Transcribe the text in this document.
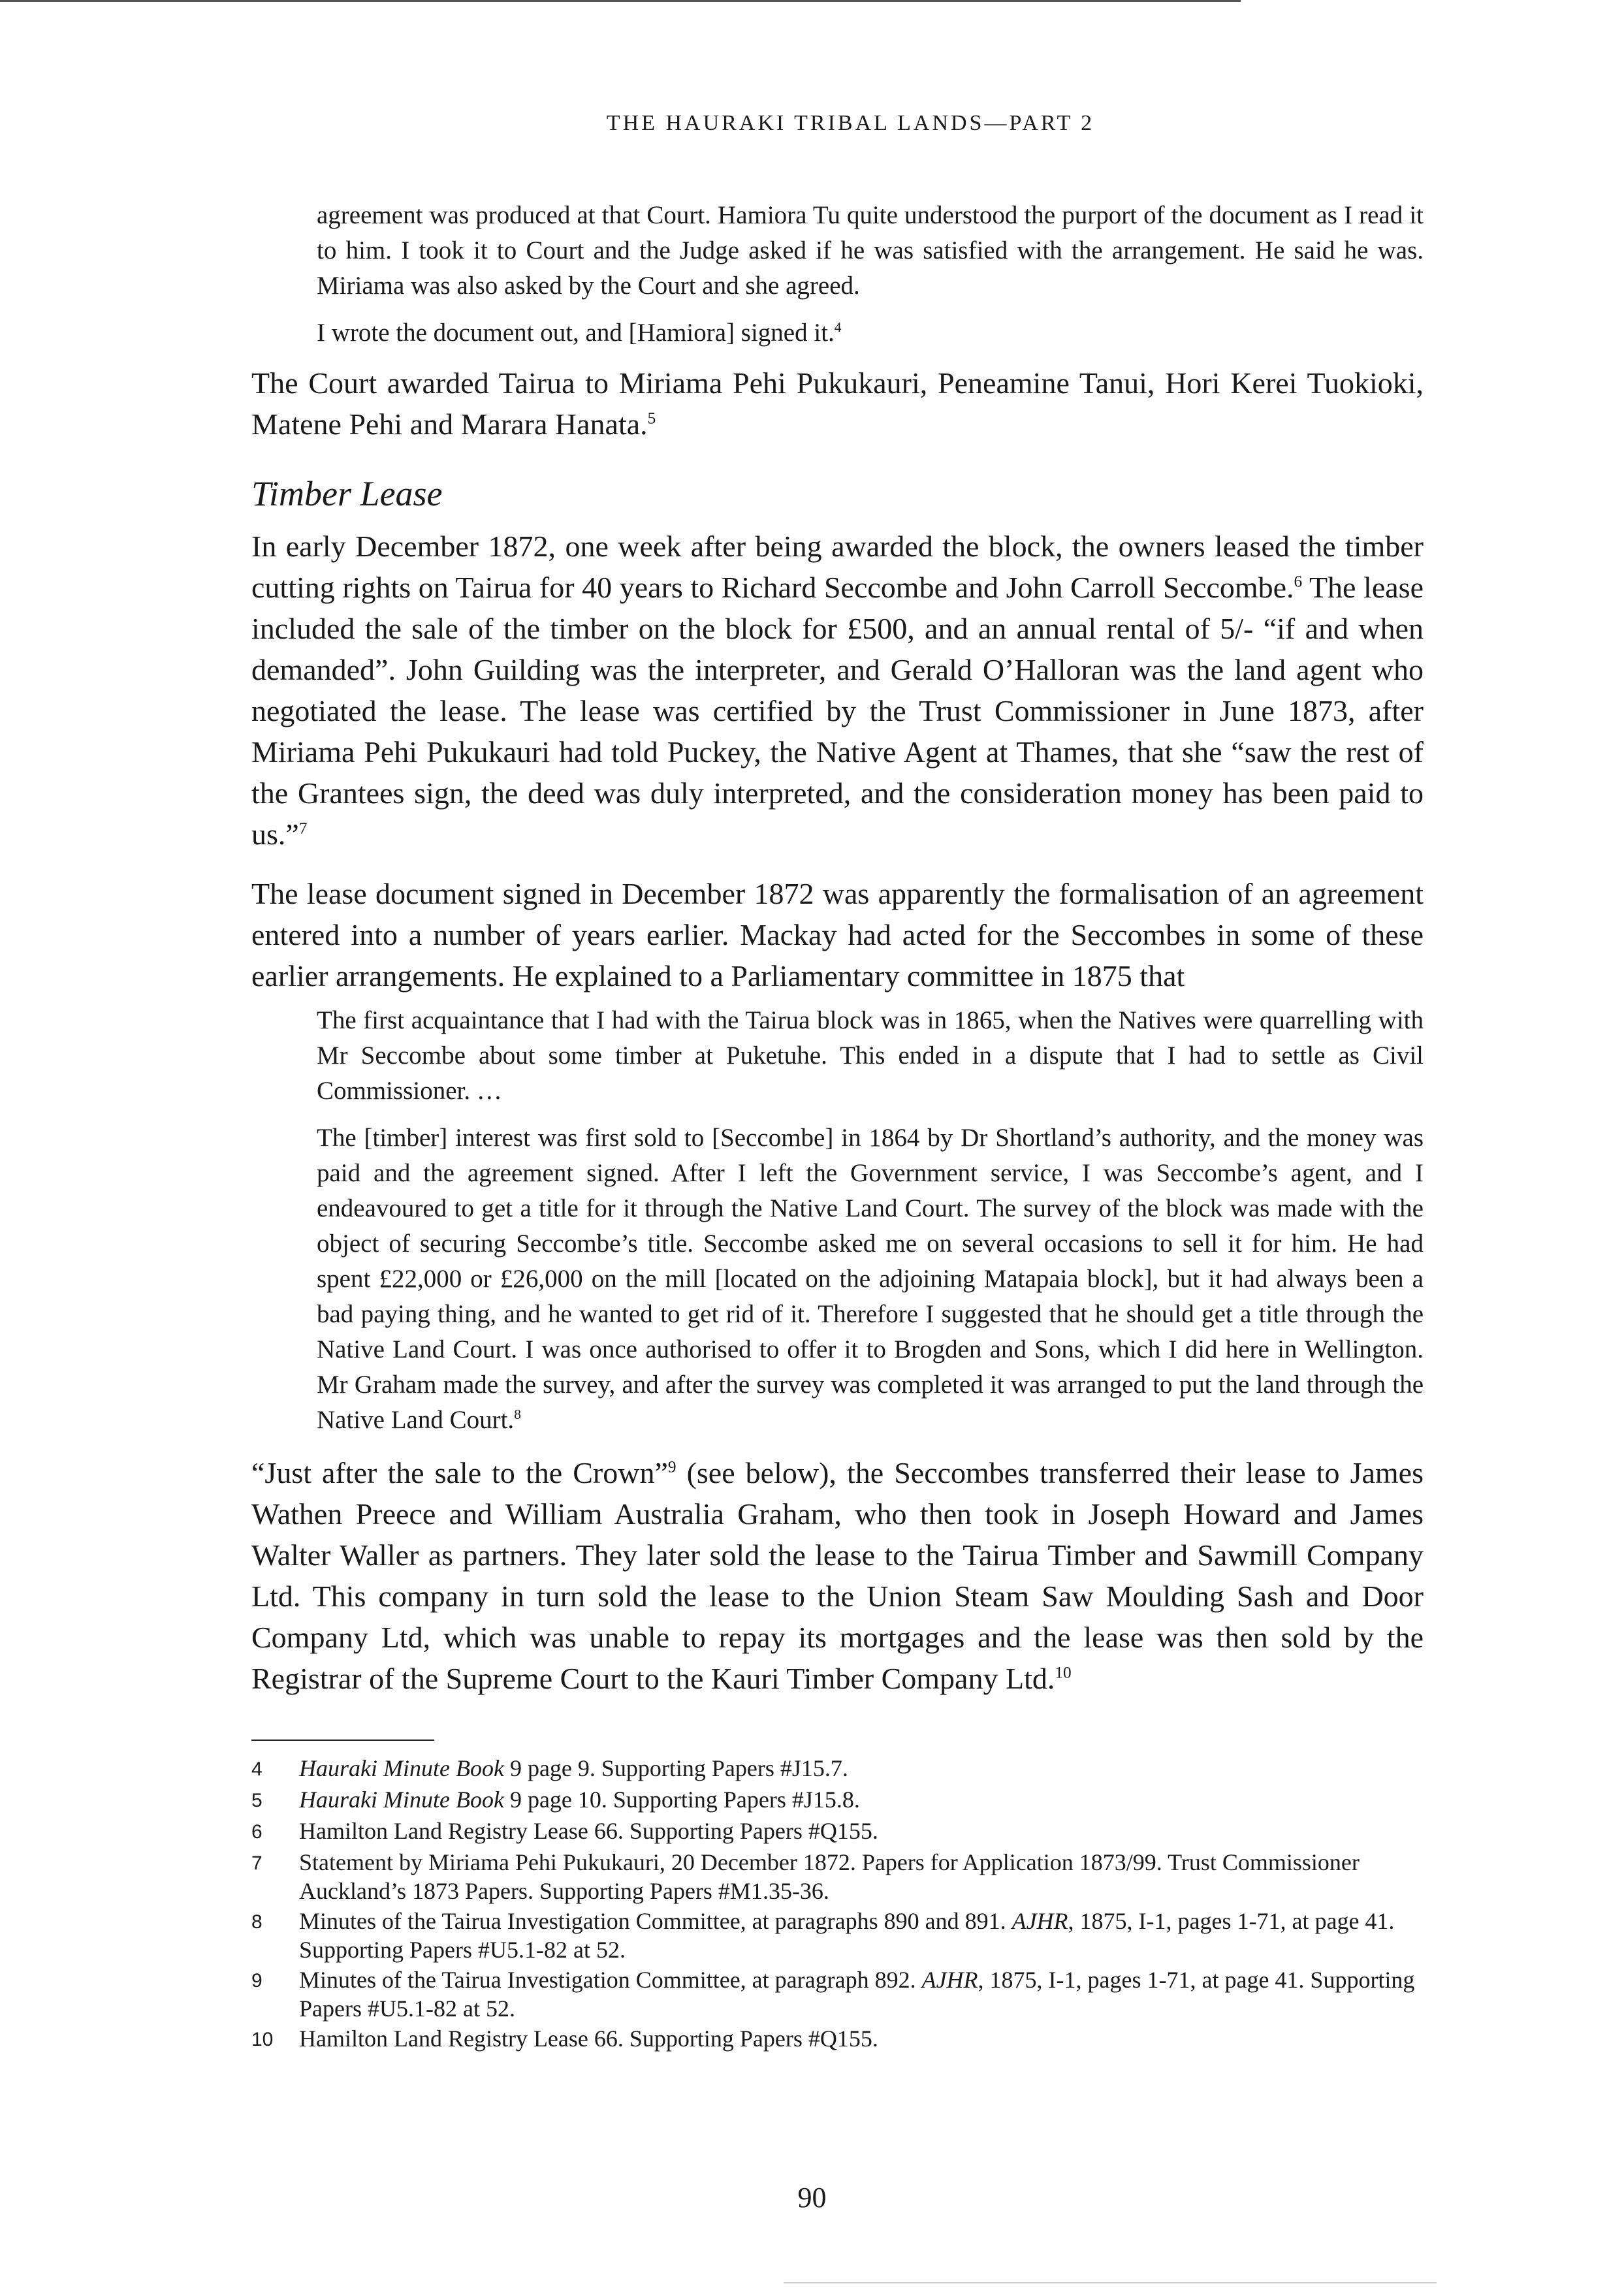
THE HAURAKI TRIBAL LANDS—PART 2

agreement was produced at that Court. Hamiora Tu quite understood the purport of the document as I read it to him. I took it to Court and the Judge asked if he was satisfied with the arrangement. He said he was. Miriama was also asked by the Court and she agreed.

I wrote the document out, and [Hamiora] signed it.$^4$

The Court awarded Tairua to Miriama Pehi Pukukauri, Peneamine Tanui, Hori Kerei Tuokioki, Matene Pehi and Marara Hanata.$^5$

Timber Lease

In early December 1872, one week after being awarded the block, the owners leased the timber cutting rights on Tairua for 40 years to Richard Seccombe and John Carroll Seccombe.$^6$ The lease included the sale of the timber on the block for £500, and an annual rental of 5/- “if and when demanded”. John Guilding was the interpreter, and Gerald O’Halloran was the land agent who negotiated the lease. The lease was certified by the Trust Commissioner in June 1873, after Miriama Pehi Pukukauri had told Puckey, the Native Agent at Thames, that she “saw the rest of the Grantees sign, the deed was duly interpreted, and the consideration money has been paid to us.”$^7$

The lease document signed in December 1872 was apparently the formalisation of an agreement entered into a number of years earlier. Mackay had acted for the Seccombes in some of these earlier arrangements. He explained to a Parliamentary committee in 1875 that

The first acquaintance that I had with the Tairua block was in 1865, when the Natives were quarrelling with Mr Seccombe about some timber at Puketuhe. This ended in a dispute that I had to settle as Civil Commissioner. …

The [timber] interest was first sold to [Seccombe] in 1864 by Dr Shortland’s authority, and the money was paid and the agreement signed. After I left the Government service, I was Seccombe’s agent, and I endeavoured to get a title for it through the Native Land Court. The survey of the block was made with the object of securing Seccombe’s title. Seccombe asked me on several occasions to sell it for him. He had spent £22,000 or £26,000 on the mill [located on the adjoining Matapaia block], but it had always been a bad paying thing, and he wanted to get rid of it. Therefore I suggested that he should get a title through the Native Land Court. I was once authorised to offer it to Brogden and Sons, which I did here in Wellington. Mr Graham made the survey, and after the survey was completed it was arranged to put the land through the Native Land Court.$^8$

“Just after the sale to the Crown”$^9$ (see below), the Seccombes transferred their lease to James Wathen Preece and William Australia Graham, who then took in Joseph Howard and James Walter Waller as partners. They later sold the lease to the Tairua Timber and Sawmill Company Ltd. This company in turn sold the lease to the Union Steam Saw Moulding Sash and Door Company Ltd, which was unable to repay its mortgages and the lease was then sold by the Registrar of the Supreme Court to the Kauri Timber Company Ltd.$^{10}$

4	Hauraki Minute Book 9 page 9. Supporting Papers #J15.7.
5	Hauraki Minute Book 9 page 10. Supporting Papers #J15.8.
6	Hamilton Land Registry Lease 66. Supporting Papers #Q155.
7	Statement by Miriama Pehi Pukukauri, 20 December 1872. Papers for Application 1873/99. Trust Commissioner Auckland’s 1873 Papers. Supporting Papers #M1.35-36.
8	Minutes of the Tairua Investigation Committee, at paragraphs 890 and 891. AJHR, 1875, I-1, pages 1-71, at page 41. Supporting Papers #U5.1-82 at 52.
9	Minutes of the Tairua Investigation Committee, at paragraph 892. AJHR, 1875, I-1, pages 1-71, at page 41. Supporting Papers #U5.1-82 at 52.
10	Hamilton Land Registry Lease 66. Supporting Papers #Q155.
90
